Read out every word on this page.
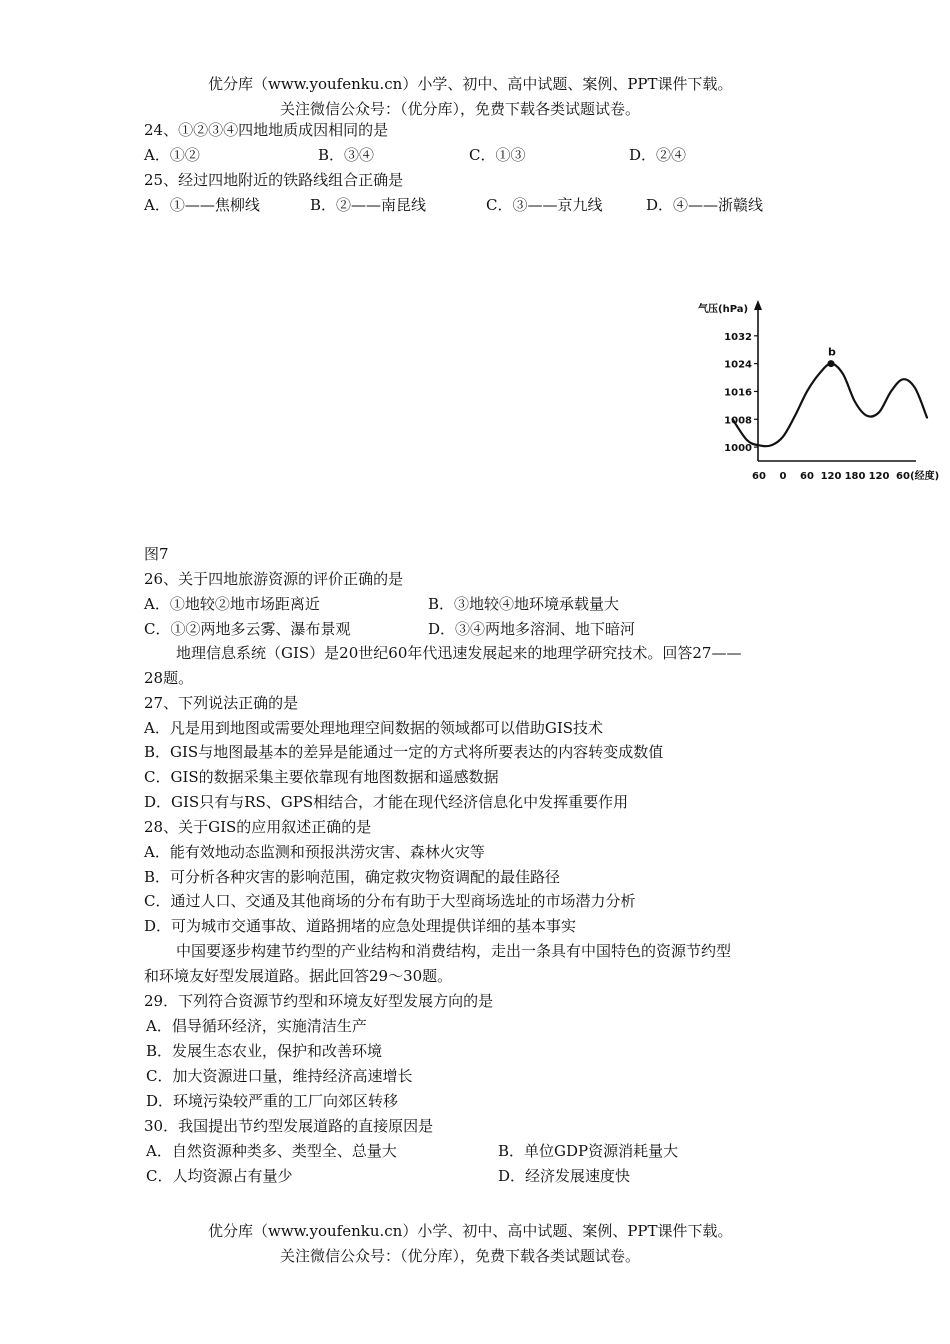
优分库（www.youfenku.cn）小学、初中、高中试题、案例、PPT课件下载。
关注微信公众号：（优分库），免费下载各类试题试卷。
24、①②③④四地地质成因相同的是
A．①②	B．③④	C．①③	D．②④
25、经过四地附近的铁路线组合正确是
A．①——焦柳线	B．②——南昆线	C．③——京九线	D．④——浙赣线
气压(hPa)
1032
1024
1016
1008
1000
60 0 60 120 180 120 60 (经度)
b
图7
26、关于四地旅游资源的评价正确的是
A．①地较②地市场距离近	B．③地较④地环境承载量大
C．①②两地多云雾、瀑布景观	D．③④两地多溶洞、地下暗河
地理信息系统（GIS）是20世纪60年代迅速发展起来的地理学研究技术。回答27——
28题。
27、下列说法正确的是
A．凡是用到地图或需要处理地理空间数据的领域都可以借助GIS技术
B．GIS与地图最基本的差异是能通过一定的方式将所要表达的内容转变成数值
C．GIS的数据采集主要依靠现有地图数据和遥感数据
D．GIS只有与RS、GPS相结合，才能在现代经济信息化中发挥重要作用
28、关于GIS的应用叙述正确的是
A．能有效地动态监测和预报洪涝灾害、森林火灾等
B．可分析各种灾害的影响范围，确定救灾物资调配的最佳路径
C．通过人口、交通及其他商场的分布有助于大型商场选址的市场潜力分析
D．可为城市交通事故、道路拥堵的应急处理提供详细的基本事实
中国要逐步构建节约型的产业结构和消费结构，走出一条具有中国特色的资源节约型
和环境友好型发展道路。据此回答29～30题。
29．下列符合资源节约型和环境友好型发展方向的是
A．倡导循环经济，实施清洁生产
B．发展生态农业，保护和改善环境
C．加大资源进口量，维持经济高速增长
D．环境污染较严重的工厂向郊区转移
30．我国提出节约型发展道路的直接原因是
A．自然资源种类多、类型全、总量大	B．单位GDP资源消耗量大
C．人均资源占有量少	D．经济发展速度快
优分库（www.youfenku.cn）小学、初中、高中试题、案例、PPT课件下载。
关注微信公众号：（优分库），免费下载各类试题试卷。
